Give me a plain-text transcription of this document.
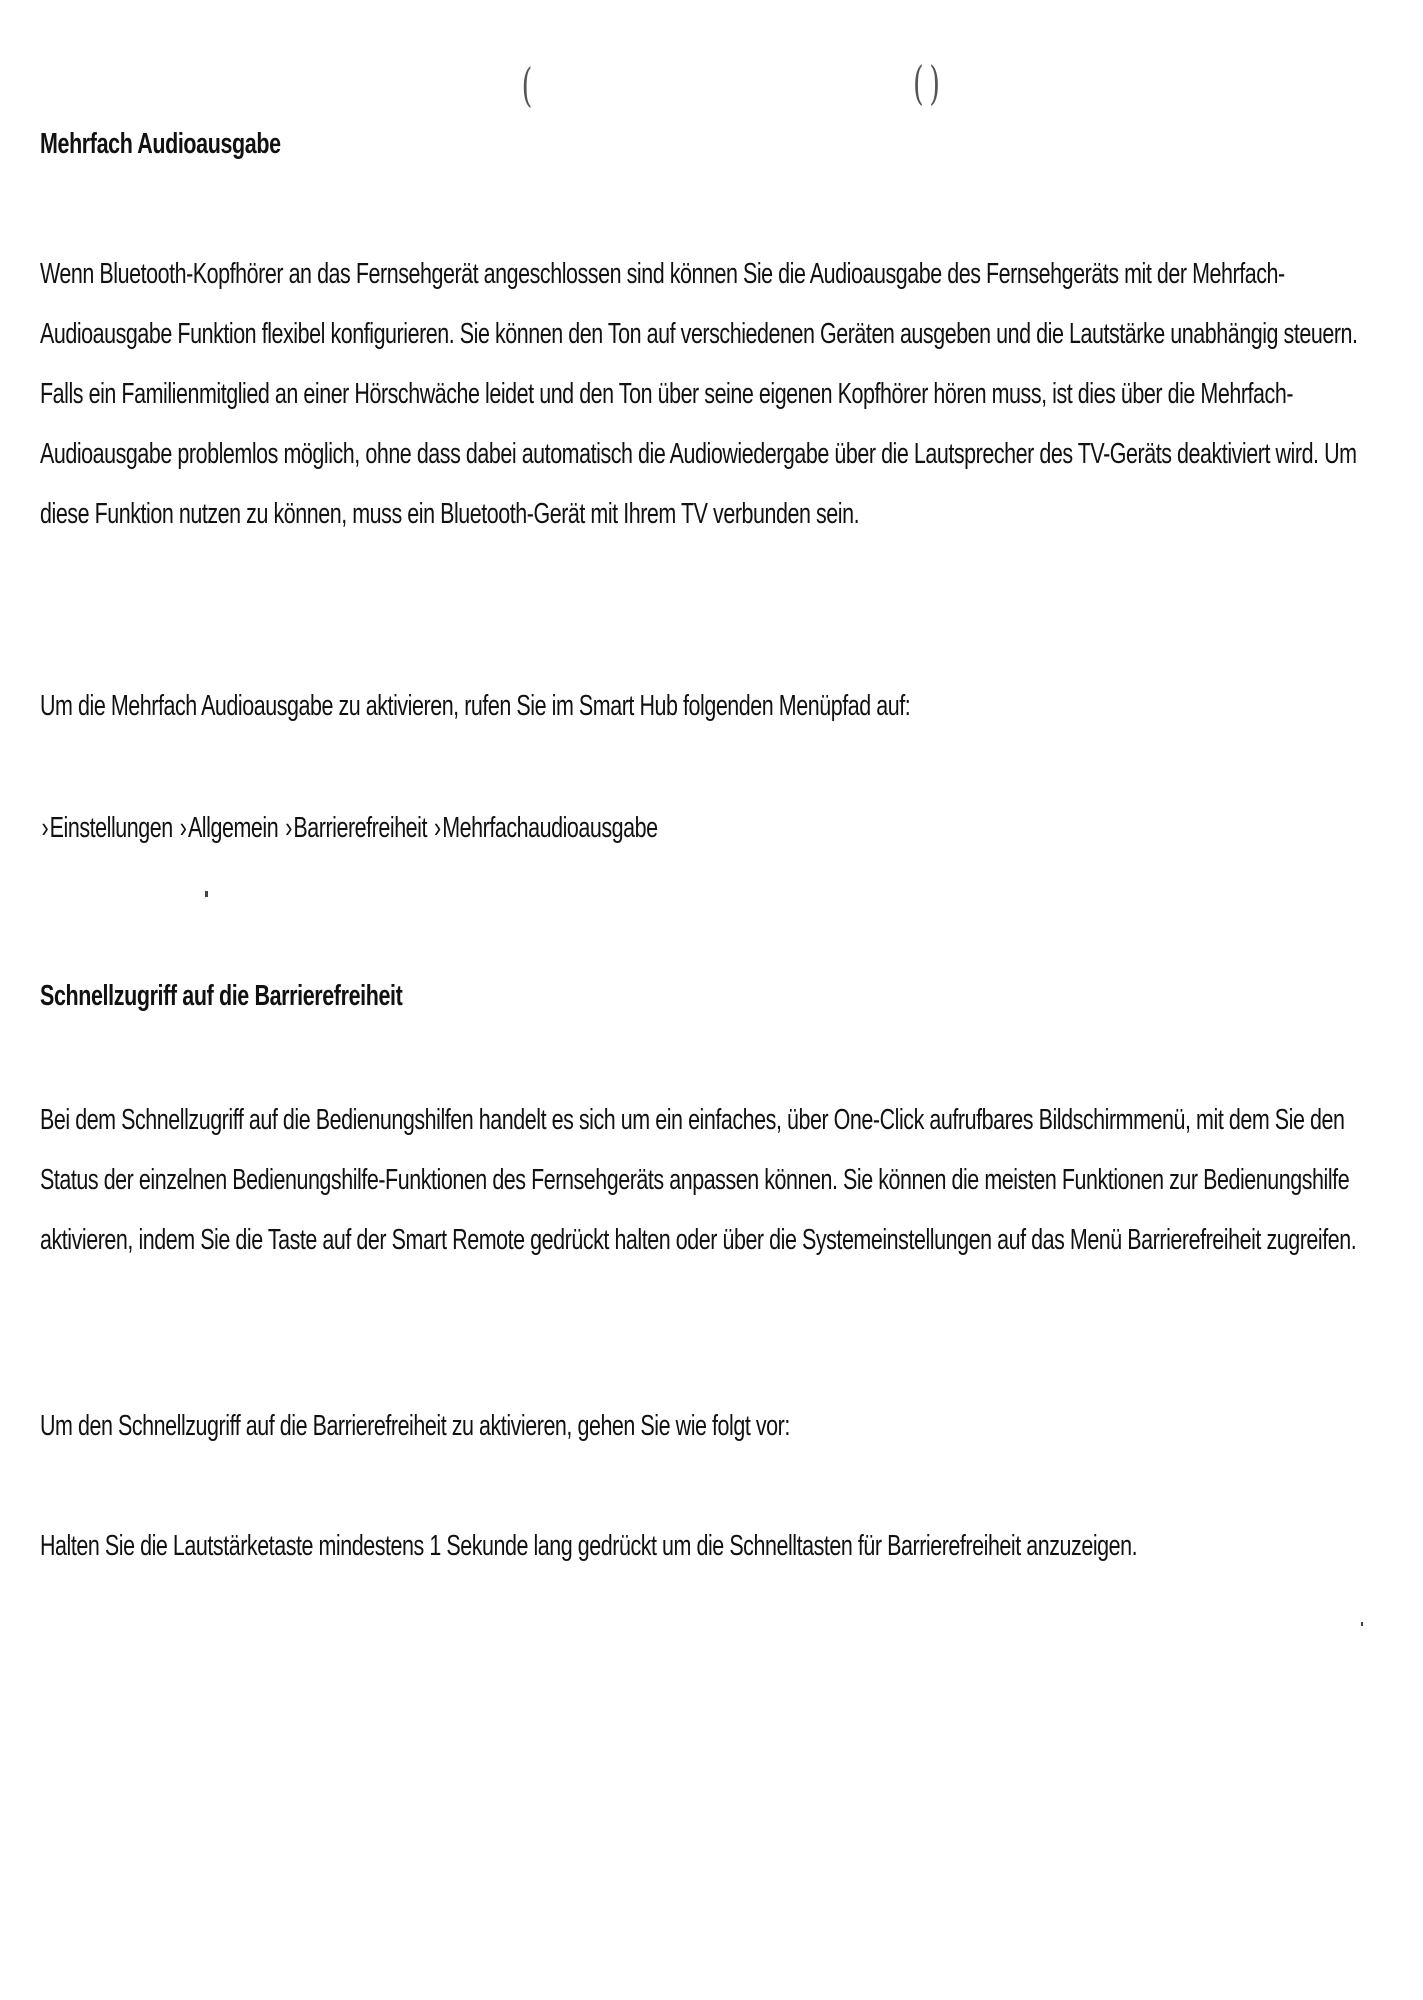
(	( )
Mehrfach Audioausgabe
Wenn Bluetooth-Kopfhörer an das Fernsehgerät angeschlossen sind können Sie die Audioausgabe des Fernsehgeräts mit der Mehrfach-
Audioausgabe Funktion flexibel konfigurieren. Sie können den Ton auf verschiedenen Geräten ausgeben und die Lautstärke unabhängig steuern.
Falls ein Familienmitglied an einer Hörschwäche leidet und den Ton über seine eigenen Kopfhörer hören muss, ist dies über die Mehrfach-
Audioausgabe problemlos möglich, ohne dass dabei automatisch die Audiowiedergabe über die Lautsprecher des TV-Geräts deaktiviert wird. Um
diese Funktion nutzen zu können, muss ein Bluetooth-Gerät mit Ihrem TV verbunden sein.

Um die Mehrfach Audioausgabe zu aktivieren, rufen Sie im Smart Hub folgenden Menüpfad auf:

›Einstellungen ›Allgemein ›Barrierefreiheit ›Mehrfachaudioausgabe

Schnellzugriff auf die Barrierefreiheit
Bei dem Schnellzugriff auf die Bedienungshilfen handelt es sich um ein einfaches, über One-Click aufrufbares Bildschirmmenü, mit dem Sie den
Status der einzelnen Bedienungshilfe-Funktionen des Fernsehgeräts anpassen können. Sie können die meisten Funktionen zur Bedienungshilfe
aktivieren, indem Sie die Taste auf der Smart Remote gedrückt halten oder über die Systemeinstellungen auf das Menü Barrierefreiheit zugreifen.

Um den Schnellzugriff auf die Barrierefreiheit zu aktivieren, gehen Sie wie folgt vor:

Halten Sie die Lautstärketaste mindestens 1 Sekunde lang gedrückt um die Schnelltasten für Barrierefreiheit anzuzeigen.
